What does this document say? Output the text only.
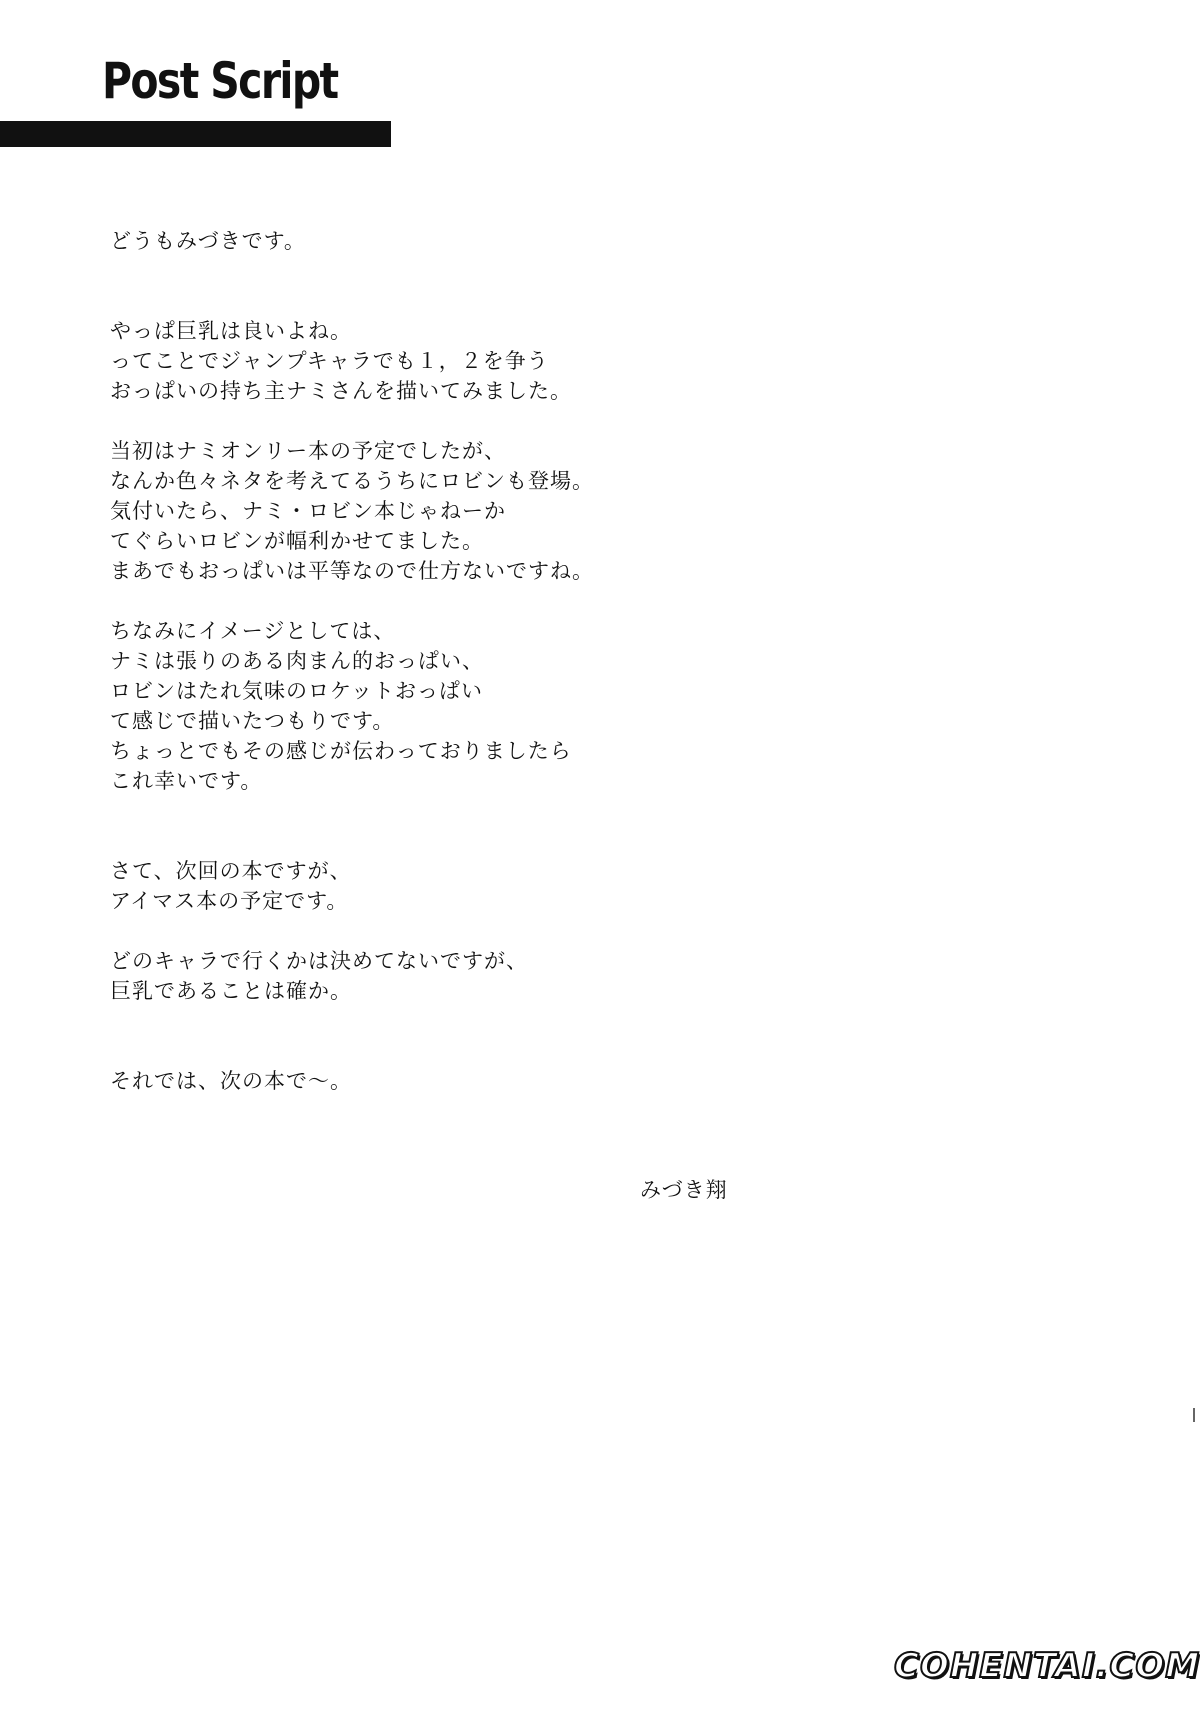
Post Script
どうもみづきです。
やっぱ巨乳は良いよね。
ってことでジャンプキャラでも１，２を争う
おっぱいの持ち主ナミさんを描いてみました。
当初はナミオンリー本の予定でしたが、
なんか色々ネタを考えてるうちにロビンも登場。
気付いたら、ナミ・ロビン本じゃねーか
てぐらいロビンが幅利かせてました。
まあでもおっぱいは平等なので仕方ないですね。
ちなみにイメージとしては、
ナミは張りのある肉まん的おっぱい、
ロビンはたれ気味のロケットおっぱい
て感じで描いたつもりです。
ちょっとでもその感じが伝わっておりましたら
これ幸いです。
さて、次回の本ですが、
アイマス本の予定です。
どのキャラで行くかは決めてないですが、
巨乳であることは確か。
それでは、次の本で～。
みづき翔
COHENTAI.COM
